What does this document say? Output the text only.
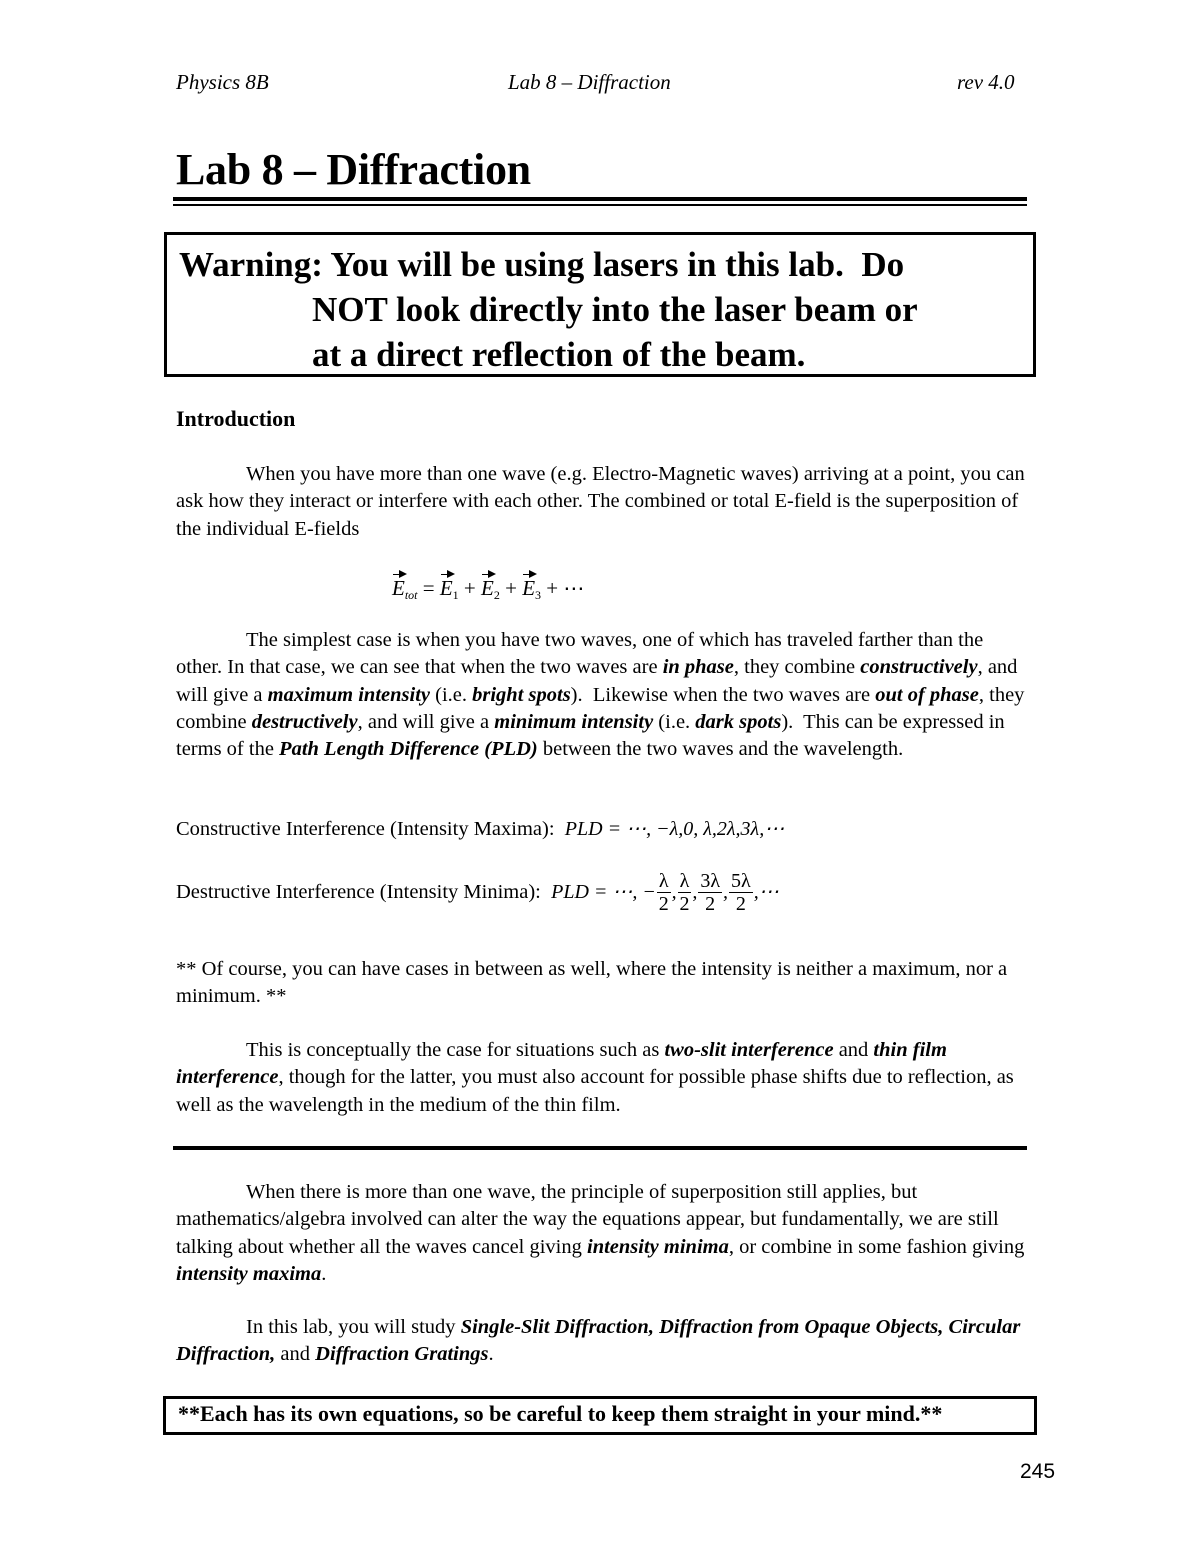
Physics 8B	Lab 8 – Diffraction	rev 4.0
Lab 8 – Diffraction
Warning: You will be using lasers in this lab.  Do
NOT look directly into the laser beam or
at a direct reflection of the beam.
Introduction
When you have more than one wave (e.g. Electro-Magnetic waves) arriving at a point, you can ask how they interact or interfere with each other. The combined or total E-field is the superposition of the individual E-fields
Etot = E1 + E2 + E3 + ⋯
The simplest case is when you have two waves, one of which has traveled farther than the other. In that case, we can see that when the two waves are in phase, they combine constructively, and will give a maximum intensity (i.e. bright spots).  Likewise when the two waves are out of phase, they combine destructively, and will give a minimum intensity (i.e. dark spots).  This can be expressed in terms of the Path Length Difference (PLD) between the two waves and the wavelength.
Constructive Interference (Intensity Maxima): PLD = ⋯, −λ,0, λ,2λ,3λ,⋯
Destructive Interference (Intensity Minima): PLD = ⋯, − $\frac{\lambda}{2}$ , $\frac{\lambda}{2}$ , $\frac{3\lambda}{2}$ , $\frac{5\lambda}{2}$ ,⋯
** Of course, you can have cases in between as well, where the intensity is neither a maximum, nor a minimum. **
This is conceptually the case for situations such as two-slit interference and thin film interference, though for the latter, you must also account for possible phase shifts due to reflection, as well as the wavelength in the medium of the thin film.
When there is more than one wave, the principle of superposition still applies, but mathematics/algebra involved can alter the way the equations appear, but fundamentally, we are still talking about whether all the waves cancel giving intensity minima, or combine in some fashion giving intensity maxima.
In this lab, you will study Single-Slit Diffraction, Diffraction from Opaque Objects, Circular Diffraction, and Diffraction Gratings.
**Each has its own equations, so be careful to keep them straight in your mind.**
245
